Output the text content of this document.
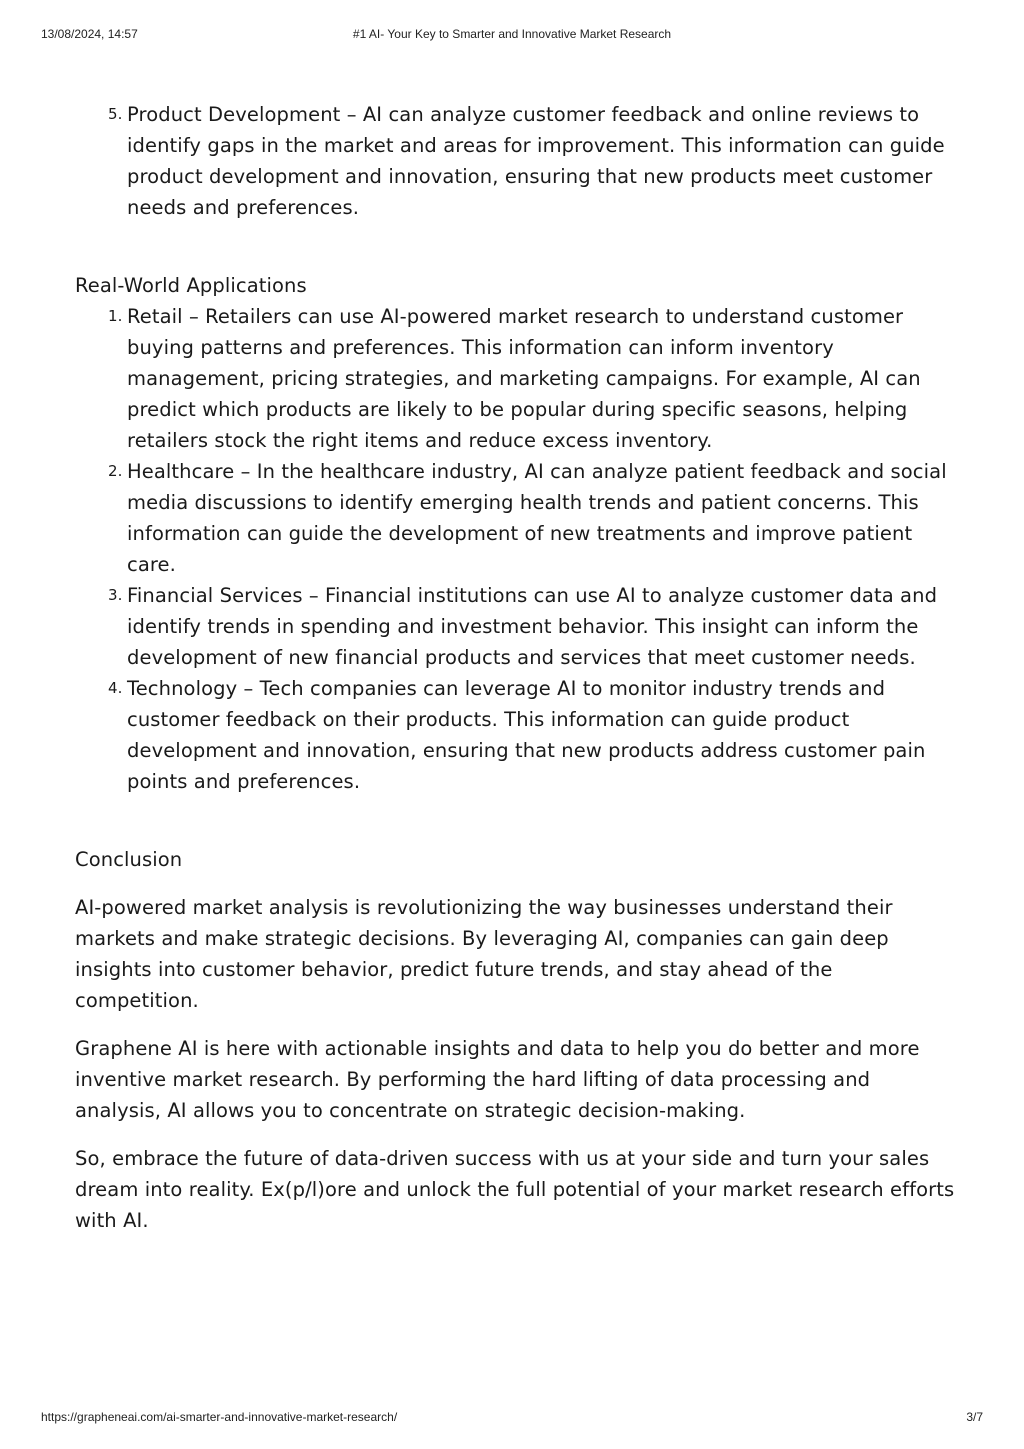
13/08/2024, 14:57	#1 AI- Your Key to Smarter and Innovative Market Research
5. Product Development – AI can analyze customer feedback and online reviews to identify gaps in the market and areas for improvement. This information can guide product development and innovation, ensuring that new products meet customer needs and preferences.
Real-World Applications
1. Retail – Retailers can use AI-powered market research to understand customer buying patterns and preferences. This information can inform inventory management, pricing strategies, and marketing campaigns. For example, AI can predict which products are likely to be popular during specific seasons, helping retailers stock the right items and reduce excess inventory.
2. Healthcare – In the healthcare industry, AI can analyze patient feedback and social media discussions to identify emerging health trends and patient concerns. This information can guide the development of new treatments and improve patient care.
3. Financial Services – Financial institutions can use AI to analyze customer data and identify trends in spending and investment behavior. This insight can inform the development of new financial products and services that meet customer needs.
4. Technology – Tech companies can leverage AI to monitor industry trends and customer feedback on their products. This information can guide product development and innovation, ensuring that new products address customer pain points and preferences.
Conclusion

AI-powered market analysis is revolutionizing the way businesses understand their markets and make strategic decisions. By leveraging AI, companies can gain deep insights into customer behavior, predict future trends, and stay ahead of the competition.

Graphene AI is here with actionable insights and data to help you do better and more inventive market research. By performing the hard lifting of data processing and analysis, AI allows you to concentrate on strategic decision-making.

So, embrace the future of data-driven success with us at your side and turn your sales dream into reality. Ex(p/l)ore and unlock the full potential of your market research efforts with AI.

https://grapheneai.com/ai-smarter-and-innovative-market-research/	3/7
